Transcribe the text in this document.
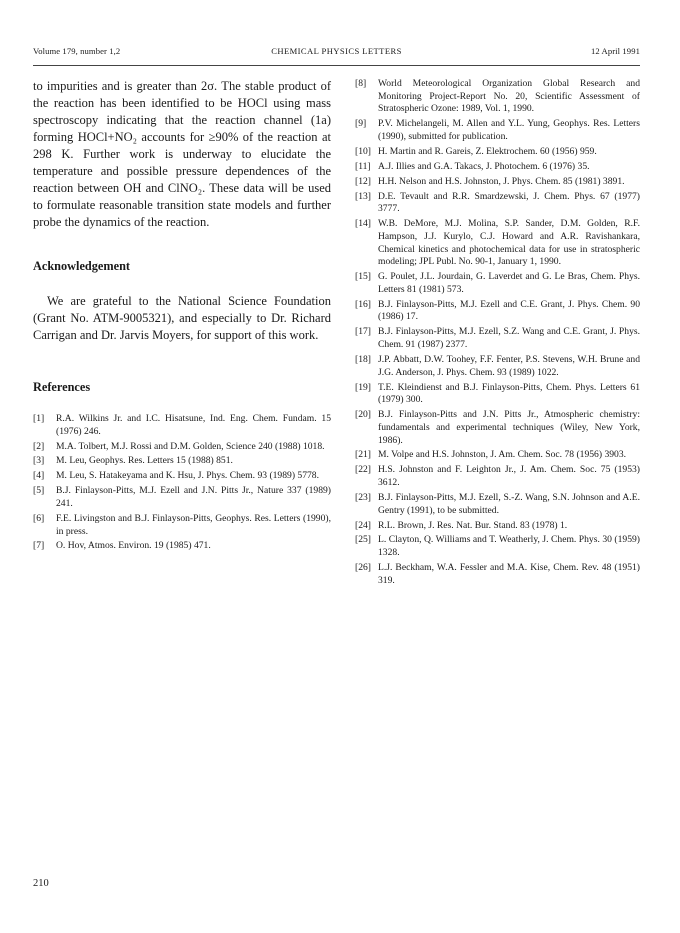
Volume 179, number 1,2	CHEMICAL PHYSICS LETTERS	12 April 1991

to impurities and is greater than 2σ. The stable product of the reaction has been identified to be HOCl using mass spectroscopy indicating that the reaction channel (1a) forming HOCl+NO₂ accounts for ≥90% of the reaction at 298 K. Further work is underway to elucidate the temperature and possible pressure dependences of the reaction between OH and ClNO₂. These data will be used to formulate reasonable transition state models and further probe the dynamics of the reaction.

Acknowledgement
We are grateful to the National Science Foundation (Grant No. ATM-9005321), and especially to Dr. Richard Carrigan and Dr. Jarvis Moyers, for support of this work.
References
[1]	R.A. Wilkins Jr. and I.C. Hisatsune, Ind. Eng. Chem. Fundam. 15 (1976) 246.
[2]	M.A. Tolbert, M.J. Rossi and D.M. Golden, Science 240 (1988) 1018.
[3]	M. Leu, Geophys. Res. Letters 15 (1988) 851.
[4]	M. Leu, S. Hatakeyama and K. Hsu, J. Phys. Chem. 93 (1989) 5778.
[5]	B.J. Finlayson-Pitts, M.J. Ezell and J.N. Pitts Jr., Nature 337 (1989) 241.
[6]	F.E. Livingston and B.J. Finlayson-Pitts, Geophys. Res. Letters (1990), in press.
[7]	O. Hov, Atmos. Environ. 19 (1985) 471.
[8]	World Meteorological Organization Global Research and Monitoring Project-Report No. 20, Scientific Assessment of Stratospheric Ozone: 1989, Vol. 1, 1990.
[9]	P.V. Michelangeli, M. Allen and Y.L. Yung, Geophys. Res. Letters (1990), submitted for publication.
[10] H. Martin and R. Gareis, Z. Elektrochem. 60 (1956) 959.
[11] A.J. Illies and G.A. Takacs, J. Photochem. 6 (1976) 35.
[12] H.H. Nelson and H.S. Johnston, J. Phys. Chem. 85 (1981) 3891.
[13] D.E. Tevault and R.R. Smardzewski, J. Chem. Phys. 67 (1977) 3777.
[14] W.B. DeMore, M.J. Molina, S.P. Sander, D.M. Golden, R.F. Hampson, J.J. Kurylo, C.J. Howard and A.R. Ravishankara, Chemical kinetics and photochemical data for use in stratospheric modeling; JPL Publ. No. 90-1, January 1, 1990.
[15] G. Poulet, J.L. Jourdain, G. Laverdet and G. Le Bras, Chem. Phys. Letters 81 (1981) 573.
[16] B.J. Finlayson-Pitts, M.J. Ezell and C.E. Grant, J. Phys. Chem. 90 (1986) 17.
[17] B.J. Finlayson-Pitts, M.J. Ezell, S.Z. Wang and C.E. Grant, J. Phys. Chem. 91 (1987) 2377.
[18] J.P. Abbatt, D.W. Toohey, F.F. Fenter, P.S. Stevens, W.H. Brune and J.G. Anderson, J. Phys. Chem. 93 (1989) 1022.
[19] T.E. Kleindienst and B.J. Finlayson-Pitts, Chem. Phys. Letters 61 (1979) 300.
[20] B.J. Finlayson-Pitts and J.N. Pitts Jr., Atmospheric chemistry: fundamentals and experimental techniques (Wiley, New York, 1986).
[21] M. Volpe and H.S. Johnston, J. Am. Chem. Soc. 78 (1956) 3903.
[22] H.S. Johnston and F. Leighton Jr., J. Am. Chem. Soc. 75 (1953) 3612.
[23] B.J. Finlayson-Pitts, M.J. Ezell, S.-Z. Wang, S.N. Johnson and A.E. Gentry (1991), to be submitted.
[24] R.L. Brown, J. Res. Nat. Bur. Stand. 83 (1978) 1.
[25] L. Clayton, Q. Williams and T. Weatherly, J. Chem. Phys. 30 (1959) 1328.
[26] L.J. Beckham, W.A. Fessler and M.A. Kise, Chem. Rev. 48 (1951) 319.
210
